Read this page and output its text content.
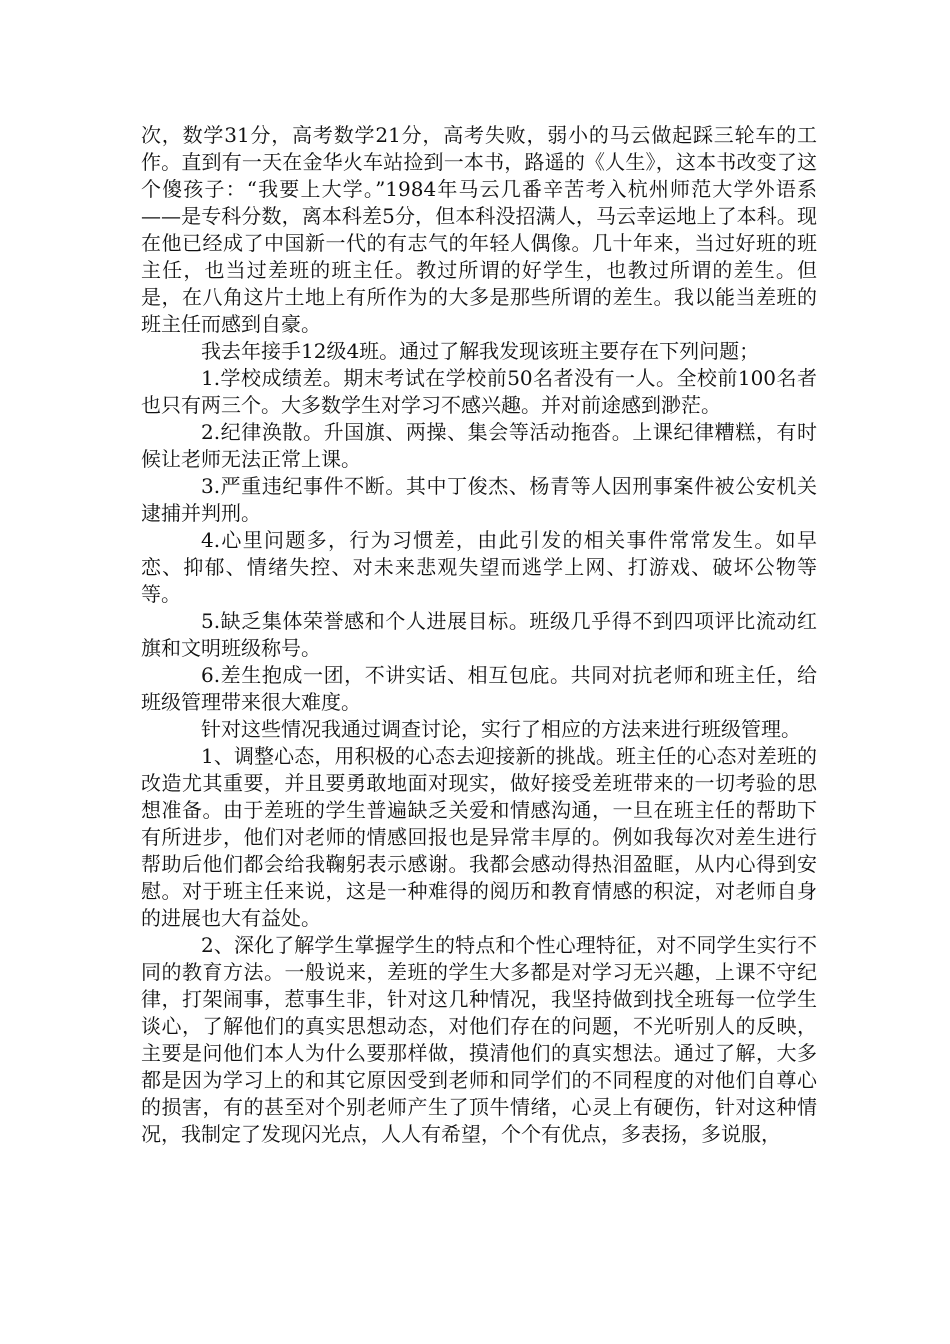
次，数学31分，高考数学21分，高考失败，弱小的马云做起踩三轮车的工作。直到有一天在金华火车站捡到一本书，路遥的《人生》，这本书改变了这个傻孩子：“我要上大学。”1984年马云几番辛苦考入杭州师范大学外语系——是专科分数，离本科差5分，但本科没招满人，马云幸运地上了本科。现在他已经成了中国新一代的有志气的年轻人偶像。几十年来，当过好班的班主任，也当过差班的班主任。教过所谓的好学生，也教过所谓的差生。但是，在八角这片土地上有所作为的大多是那些所谓的差生。我以能当差班的班主任而感到自豪。

我去年接手12级4班。通过了解我发现该班主要存在下列问题；

1.学校成绩差。期末考试在学校前50名者没有一人。全校前100名者也只有两三个。大多数学生对学习不感兴趣。并对前途感到渺茫。

2.纪律涣散。升国旗、两操、集会等活动拖沓。上课纪律糟糕，有时候让老师无法正常上课。

3.严重违纪事件不断。其中丁俊杰、杨青等人因刑事案件被公安机关逮捕并判刑。

4.心里问题多，行为习惯差，由此引发的相关事件常常发生。如早恋、抑郁、情绪失控、对未来悲观失望而逃学上网、打游戏、破坏公物等等。

5.缺乏集体荣誉感和个人进展目标。班级几乎得不到四项评比流动红旗和文明班级称号。

6.差生抱成一团，不讲实话、相互包庇。共同对抗老师和班主任，给班级管理带来很大难度。

针对这些情况我通过调查讨论，实行了相应的方法来进行班级管理。

1、调整心态，用积极的心态去迎接新的挑战。班主任的心态对差班的改造尤其重要，并且要勇敢地面对现实，做好接受差班带来的一切考验的思想准备。由于差班的学生普遍缺乏关爱和情感沟通，一旦在班主任的帮助下有所进步，他们对老师的情感回报也是异常丰厚的。例如我每次对差生进行帮助后他们都会给我鞠躬表示感谢。我都会感动得热泪盈眶，从内心得到安慰。对于班主任来说，这是一种难得的阅历和教育情感的积淀，对老师自身的进展也大有益处。

2、深化了解学生掌握学生的特点和个性心理特征，对不同学生实行不同的教育方法。一般说来，差班的学生大多都是对学习无兴趣，上课不守纪律，打架闹事，惹事生非，针对这几种情况，我坚持做到找全班每一位学生谈心，了解他们的真实思想动态，对他们存在的问题，不光听别人的反映，主要是问他们本人为什么要那样做，摸清他们的真实想法。通过了解，大多都是因为学习上的和其它原因受到老师和同学们的不同程度的对他们自尊心的损害，有的甚至对个别老师产生了顶牛情绪，心灵上有硬伤，针对这种情况，我制定了发现闪光点，人人有希望，个个有优点，多表扬，多说服，
